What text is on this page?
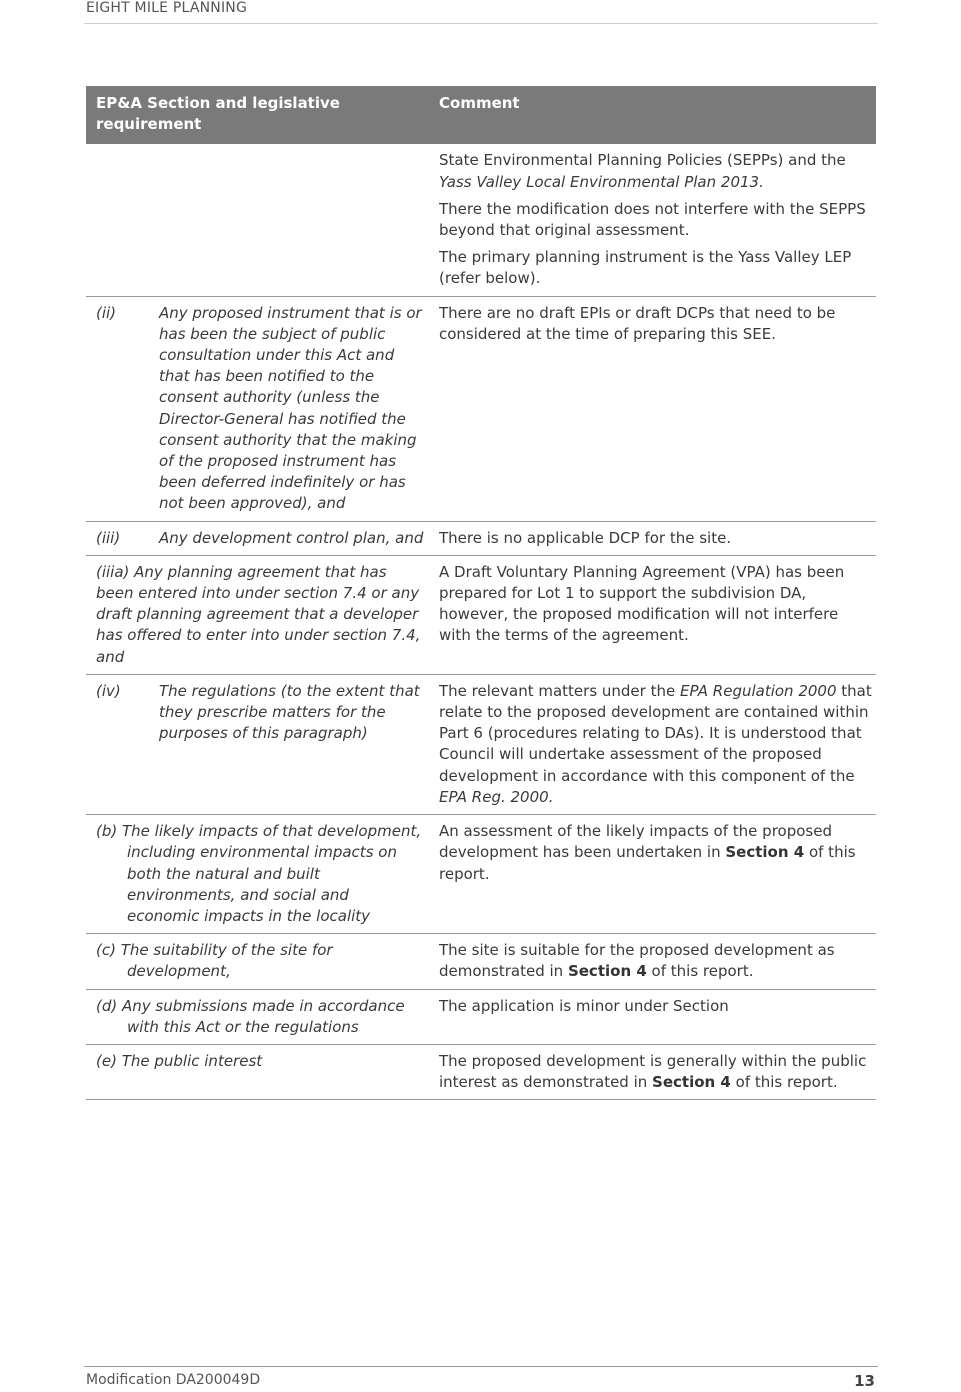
EIGHT MILE PLANNING
EP&A Section and legislative requirement	Comment

	State Environmental Planning Policies (SEPPs) and the Yass Valley Local Environmental Plan 2013.
There the modification does not interfere with the SEPPS beyond that original assessment.
The primary planning instrument is the Yass Valley LEP (refer below).

(ii) Any proposed instrument that is or has been the subject of public consultation under this Act and that has been notified to the consent authority (unless the Director-General has notified the consent authority that the making of the proposed instrument has been deferred indefinitely or has not been approved), and	There are no draft EPIs or draft DCPs that need to be considered at the time of preparing this SEE.

(iii) Any development control plan, and	There is no applicable DCP for the site.

(iiia) Any planning agreement that has been entered into under section 7.4 or any draft planning agreement that a developer has offered to enter into under section 7.4, and	A Draft Voluntary Planning Agreement (VPA) has been prepared for Lot 1 to support the subdivision DA, however, the proposed modification will not interfere with the terms of the agreement.

(iv) The regulations (to the extent that they prescribe matters for the purposes of this paragraph)	The relevant matters under the EPA Regulation 2000 that relate to the proposed development are contained within Part 6 (procedures relating to DAs). It is understood that Council will undertake assessment of the proposed development in accordance with this component of the EPA Reg. 2000.

(b) The likely impacts of that development, including environmental impacts on both the natural and built environments, and social and economic impacts in the locality	An assessment of the likely impacts of the proposed development has been undertaken in Section 4 of this report.

(c) The suitability of the site for development,	The site is suitable for the proposed development as demonstrated in Section 4 of this report.

(d) Any submissions made in accordance with this Act or the regulations	The application is minor under Section

(e) The public interest	The proposed development is generally within the public interest as demonstrated in Section 4 of this report.
Modification DA200049D	13
